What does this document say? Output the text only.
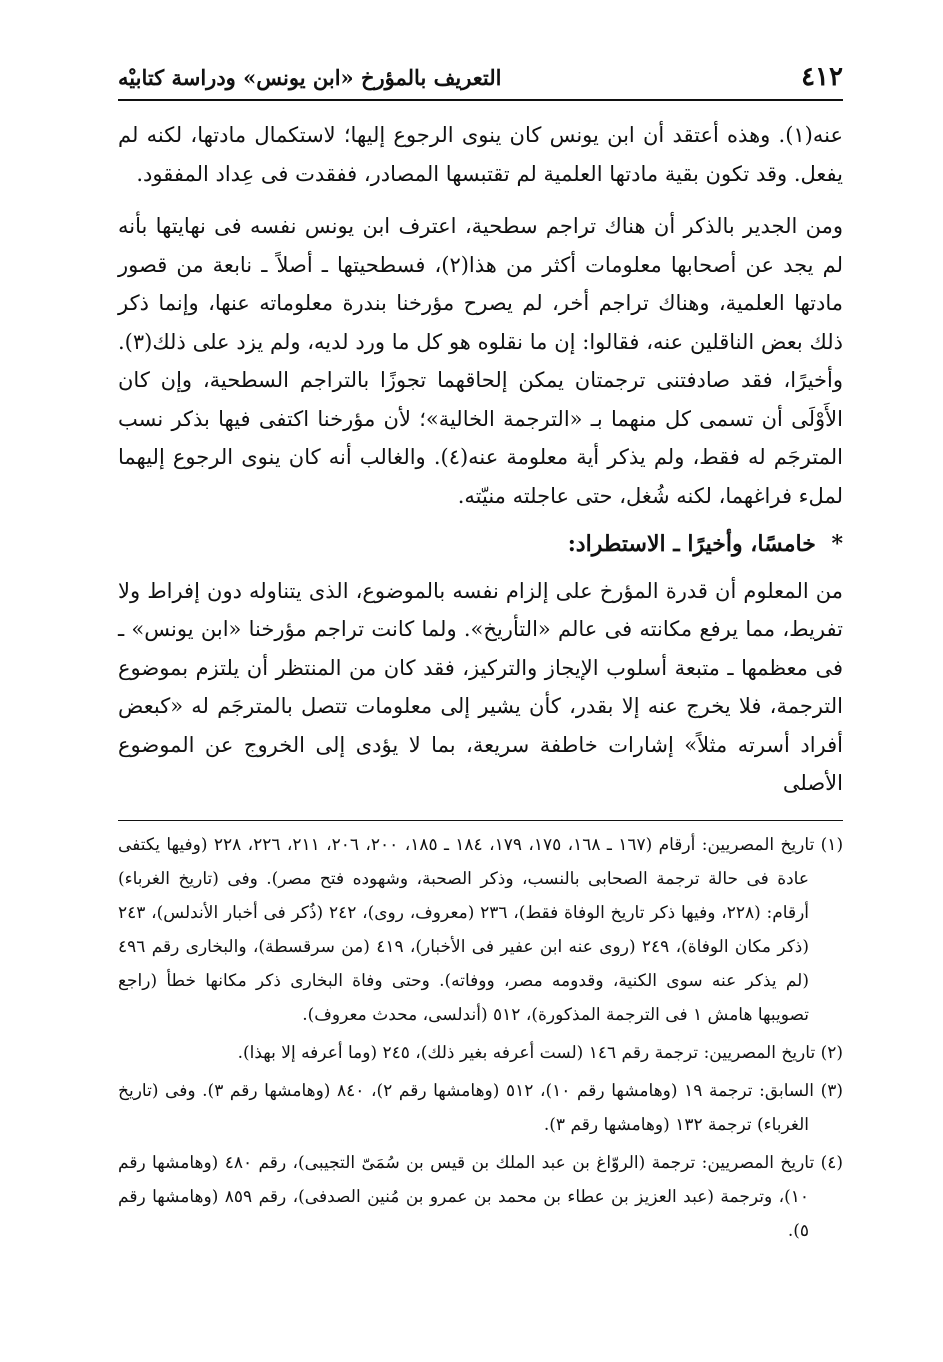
٤١٢
التعريف بالمؤرخ «ابن يونس» ودراسة كتابيْه

عنه(١). وهذه أعتقد أن ابن يونس كان ينوى الرجوع إليها؛ لاستكمال مادتها، لكنه لم يفعل. وقد تكون بقية مادتها العلمية لم تقتبسها المصادر، ففقدت فى عِداد المفقود.

ومن الجدير بالذكر أن هناك تراجم سطحية، اعترف ابن يونس نفسه فى نهايتها بأنه لم يجد عن أصحابها معلومات أكثر من هذا(٢)، فسطحيتها ـ أصلاً ـ نابعة من قصور مادتها العلمية، وهناك تراجم أخر، لم يصرح مؤرخنا بندرة معلوماته عنها، وإنما ذكر ذلك بعض الناقلين عنه، فقالوا: إن ما نقلوه هو كل ما ورد لديه، ولم يزد على ذلك(٣). وأخيرًا، فقد صادفتنى ترجمتان يمكن إلحاقهما تجوزًا بالتراجم السطحية، وإن كان الأَوْلَى أن تسمى كل منهما بـ «الترجمة الخالية»؛ لأن مؤرخنا اكتفى فيها بذكر نسب المترجَم له فقط، ولم يذكر أية معلومة عنه(٤). والغالب أنه كان ينوى الرجوع إليهما لملء فراغهما، لكنه شُغل، حتى عاجلته منيّته.

* خامسًا، وأخيرًا ـ الاستطراد:

من المعلوم أن قدرة المؤرخ على إلزام نفسه بالموضوع، الذى يتناوله دون إفراط ولا تفريط، مما يرفع مكانته فى عالم «التأريخ». ولما كانت تراجم مؤرخنا «ابن يونس» ـ فى معظمها ـ متبعة أسلوب الإيجاز والتركيز، فقد كان من المنتظر أن يلتزم بموضوع الترجمة، فلا يخرج عنه إلا بقدر، كأن يشير إلى معلومات تتصل بالمترجَم له «كبعض أفراد أسرته مثلاً» إشارات خاطفة سريعة، بما لا يؤدى إلى الخروج عن الموضوع الأصلى

(١) تاريخ المصريين: أرقام (١٦٧ ـ ١٦٨، ١٧٥، ١٧٩، ١٨٤ ـ ١٨٥، ٢٠٠، ٢٠٦، ٢١١، ٢٢٦، ٢٢٨ (وفيها يكتفى عادة فى حالة ترجمة الصحابى بالنسب، وذكر الصحبة، وشهوده فتح مصر). وفى (تاريخ الغرباء) أرقام: (٢٢٨، وفيها ذكر تاريخ الوفاة فقط)، ٢٣٦ (معروف، روى)، ٢٤٢ (ذُكر فى أخبار الأندلس)، ٢٤٣ (ذكر مكان الوفاة)، ٢٤٩ (روى عنه ابن عفير فى الأخبار)، ٤١٩ (من سرقسطة)، والبخارى رقم ٤٩٦ (لم يذكر عنه سوى الكنية، وقدومه مصر، ووفاته). وحتى وفاة البخارى ذكر مكانها خطأ (راجع تصويبها هامش ١ فى الترجمة المذكورة)، ٥١٢ (أندلسى، محدث معروف).

(٢) تاريخ المصريين: ترجمة رقم ١٤٦ (لست أعرفه بغير ذلك)، ٢٤٥ (وما أعرفه إلا بهذا).

(٣) السابق: ترجمة ١٩ (وهامشها رقم ١٠)، ٥١٢ (وهامشها رقم ٢)، ٨٤٠ (وهامشها رقم ٣). وفى (تاريخ الغرباء) ترجمة ١٣٢ (وهامشها رقم ٣).

(٤) تاريخ المصريين: ترجمة (الروّاغ بن عبد الملك بن قيس بن سُمَىّ التجيبى)، رقم ٤٨٠ (وهامشها رقم ١٠)، وترجمة (عبد العزيز بن عطاء بن محمد بن عمرو بن مُنين الصدفى)، رقم ٨٥٩ (وهامشها رقم ٥).
